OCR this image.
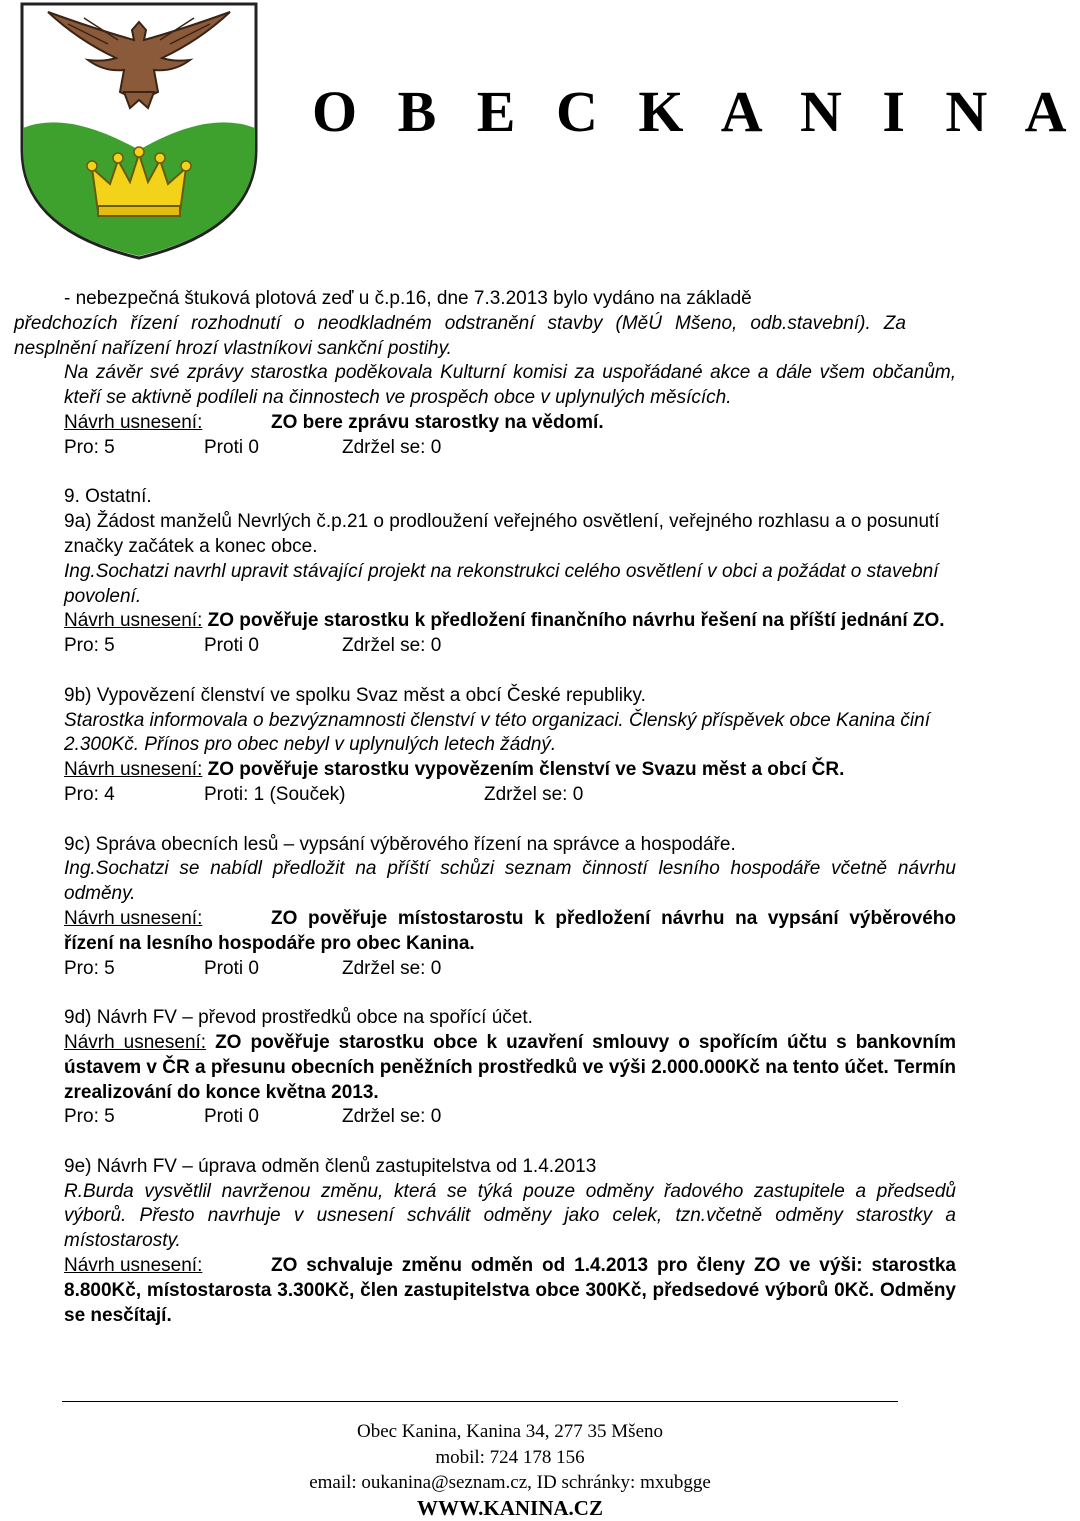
O B E C K A N I N A

- nebezpečná štuková plotová zeď u č.p.16, dne 7.3.2013 bylo vydáno na základě

předchozích řízení rozhodnutí o neodkladném odstranění stavby (MěÚ Mšeno, odb.stavební). Za nesplnění nařízení hrozí vlastníkovi sankční postihy.

Na závěr své zprávy starostka poděkovala Kulturní komisi za uspořádané akce a dále všem občanům, kteří se aktivně podíleli na činnostech ve prospěch obce v uplynulých měsících.

Návrh usnesení:	ZO bere zprávu starostky na vědomí.

Pro: 5	Proti 0	Zdržel se: 0

9. Ostatní.

9a) Žádost manželů Nevrlých č.p.21 o prodloužení veřejného osvětlení, veřejného rozhlasu a o posunutí značky začátek a konec obce.

Ing.Sochatzi navrhl upravit stávající projekt na rekonstrukci celého osvětlení v obci a požádat o stavební povolení.

Návrh usnesení: ZO pověřuje starostku k předložení finančního návrhu řešení na příští jednání ZO.

Pro: 5	Proti 0	Zdržel se: 0

9b) Vypovězení členství ve spolku Svaz měst a obcí České republiky.

Starostka informovala o bezvýznamnosti členství v této organizaci. Členský příspěvek obce Kanina činí 2.300Kč. Přínos pro obec nebyl v uplynulých letech žádný.

Návrh usnesení: ZO pověřuje starostku vypovězením členství ve Svazu měst a obcí ČR.

Pro: 4	Proti: 1 (Souček)	Zdržel se: 0

9c) Správa obecních lesů – vypsání výběrového řízení na správce a hospodáře.

Ing.Sochatzi se nabídl předložit na příští schůzi seznam činností lesního hospodáře včetně návrhu odměny.

Návrh usnesení:	ZO pověřuje místostarostu k předložení návrhu na vypsání výběrového řízení na lesního hospodáře pro obec Kanina.

Pro: 5	Proti 0	Zdržel se: 0

9d) Návrh FV – převod prostředků obce na spořící účet.

Návrh usnesení: ZO pověřuje starostku obce k uzavření smlouvy o spořícím účtu s bankovním ústavem v ČR a přesunu obecních peněžních prostředků ve výši 2.000.000Kč na tento účet. Termín zrealizování do konce května 2013.

Pro: 5	Proti 0	Zdržel se: 0

9e) Návrh FV – úprava odměn členů zastupitelstva od 1.4.2013

R.Burda vysvětlil navrženou změnu, která se týká pouze odměny řadového zastupitele a předsedů výborů. Přesto navrhuje v usnesení schválit odměny jako celek, tzn.včetně odměny starostky a místostarosty.

Návrh usnesení:	ZO schvaluje změnu odměn od 1.4.2013 pro členy ZO ve výši: starostka 8.800Kč, místostarosta 3.300Kč, člen zastupitelstva obce 300Kč, předsedové výborů 0Kč. Odměny se nesčítají.

Obec Kanina, Kanina 34, 277 35 Mšeno
mobil: 724 178 156
email: oukanina@seznam.cz, ID schránky: mxubgge
WWW.KANINA.CZ
